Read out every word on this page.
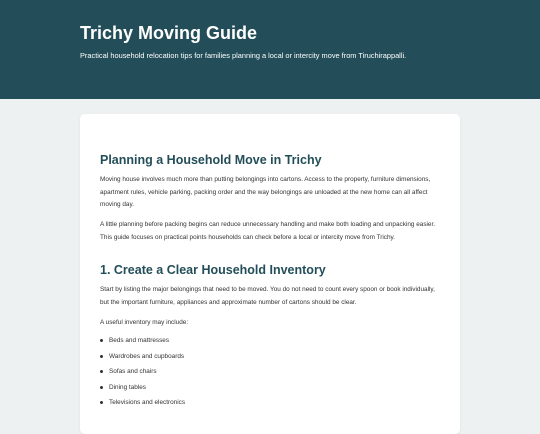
Trichy Moving Guide

Practical household relocation tips for families planning a local or intercity move from Tiruchirappalli.

Planning a Household Move in Trichy

Moving house involves much more than putting belongings into cartons. Access to the property, furniture dimensions, apartment rules, vehicle parking, packing order and the way belongings are unloaded at the new home can all affect moving day.

A little planning before packing begins can reduce unnecessary handling and make both loading and unpacking easier. This guide focuses on practical points households can check before a local or intercity move from Trichy.

1. Create a Clear Household Inventory

Start by listing the major belongings that need to be moved. You do not need to count every spoon or book individually, but the important furniture, appliances and approximate number of cartons should be clear.

A useful inventory may include:

Beds and mattresses
Wardrobes and cupboards
Sofas and chairs
Dining tables
Televisions and electronics
